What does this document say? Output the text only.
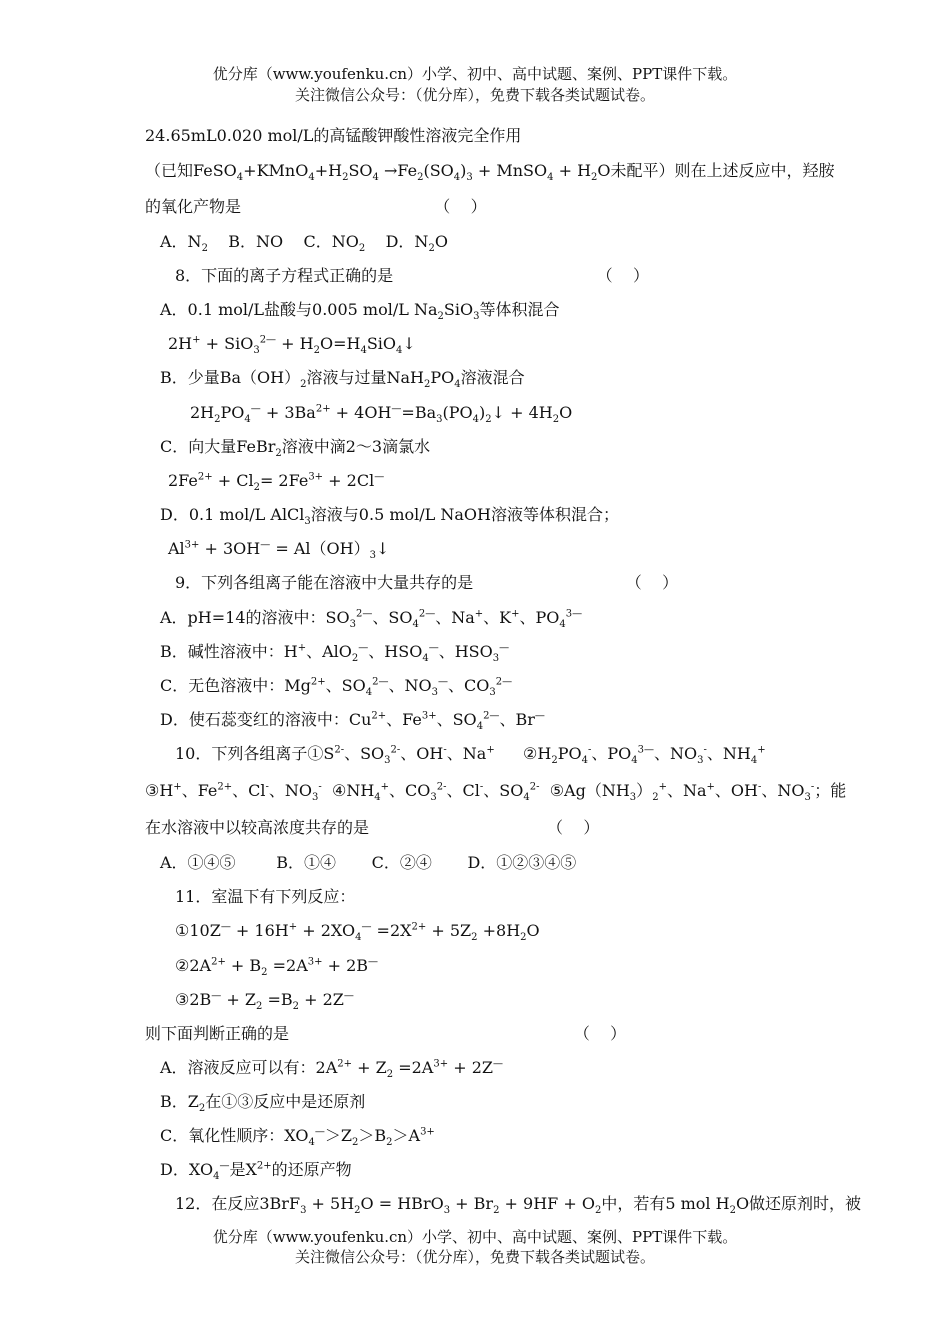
优分库（www.youfenku.cn）小学、初中、高中试题、案例、PPT课件下载。
关注微信公众号：（优分库），免费下载各类试题试卷。
24.65mL0.020 mol/L的高锰酸钾酸性溶液完全作用
（已知$FeSO_4+KMnO_4+H_2SO_4 \to Fe_2(SO_4)_3$ + MnSO$_4$ + $H_2O$未配平）则在上述反应中，羟胺
的氧化产物是                                      （    ）
A．$N_2$    B．NO    C．$NO_2$    D．$N_2O$
8．下面的离子方程式正确的是                                        （    ）
A．0.1 mol/L盐酸与0.005 mol/L $Na_2SiO_3$等体积混合
$2H^+ + SiO_3^{2—} + H_2O=H_4SiO_4↓$
B．少量$Ba(OH)_2$溶液与过量$NaH_2PO_4$溶液混合
$2H_2PO_4^— + 3Ba^{2+}$ + $4OH^—=Ba_3(PO_4)_2↓ + 4H_2O$
C．向大量FeBr$_2$溶液中滴2～3滴氯水
$2Fe^{2+} + Cl_2= 2Fe^{3+} + 2Cl^—$
D．0.1 mol/L AlCl$_3$溶液与0.5 mol/L NaOH溶液等体积混合；
$Al^{3+} + 3OH^—$ = $Al(OH)_3↓$
9．下列各组离子能在溶液中大量共存的是                              （    ）
A．pH=14的溶液中：$SO_3^{2—}$、$SO_4^{2—}$、Na+、K+、$PO_4^{3—}$
B．碱性溶液中：H+、AlO$_2$—、$HSO_4^—$、$HSO_3^—$
C．无色溶液中：$Mg^{2+}$、$SO_4^{2—}$、$NO_3^—$、$CO_3^{2—}$
D．使石蕊变红的溶液中：$Cu^{2+}$、$Fe^{3+}$、$SO_4^{2—}$、Br—
10．下列各组离子$①S^{2-}$、$SO_3^{2-}$、OH-、Na+    $②H_2PO_4^-$、$PO_4^{3—}$、$NO_3^-$、$NH_4^+$
③H+、$Fe^{2+}$、Cl-、$NO_3^-$  $④NH_4^+$、$CO_3^{2-}$、Cl-、$SO_4^{2-}$  $⑤Ag(NH_3)_2^+$、Na+、OH-、$NO_3^-$；能
在水溶液中以较高浓度共存的是                                   （    ）
A．①④⑤        B．①④       C．②④       D．①②③④⑤
11．室温下有下列反应：
①10Z— + $16H^+ + 2XO_4^— =2X^{2+} + 5Z_2 +8H_2O$
$②2A^{2+} + B_2 =2A^{3+} + 2B^—$
③2B— + $Z_2 =B_2 + 2Z^—$
则下面判断正确的是                                                        （    ）
A．溶液反应可以有：$2A^{2+} + Z_2 =2A^{3+} + 2Z^—$
B．$Z_2$在①③反应中是还原剂
C．氧化性顺序：$XO_4^—>Z_2>B_2>A^{3+}$
D．$XO_4^—$是$X^{2+}$的还原产物
12．在反应$3BrF_3 + 5H_2O$ = HBrO$_3$ + $Br_2 + 9HF + O_2$中，若有5 mol $H_2O$做还原剂时，被
优分库（www.youfenku.cn）小学、初中、高中试题、案例、PPT课件下载。
关注微信公众号：（优分库），免费下载各类试题试卷。
